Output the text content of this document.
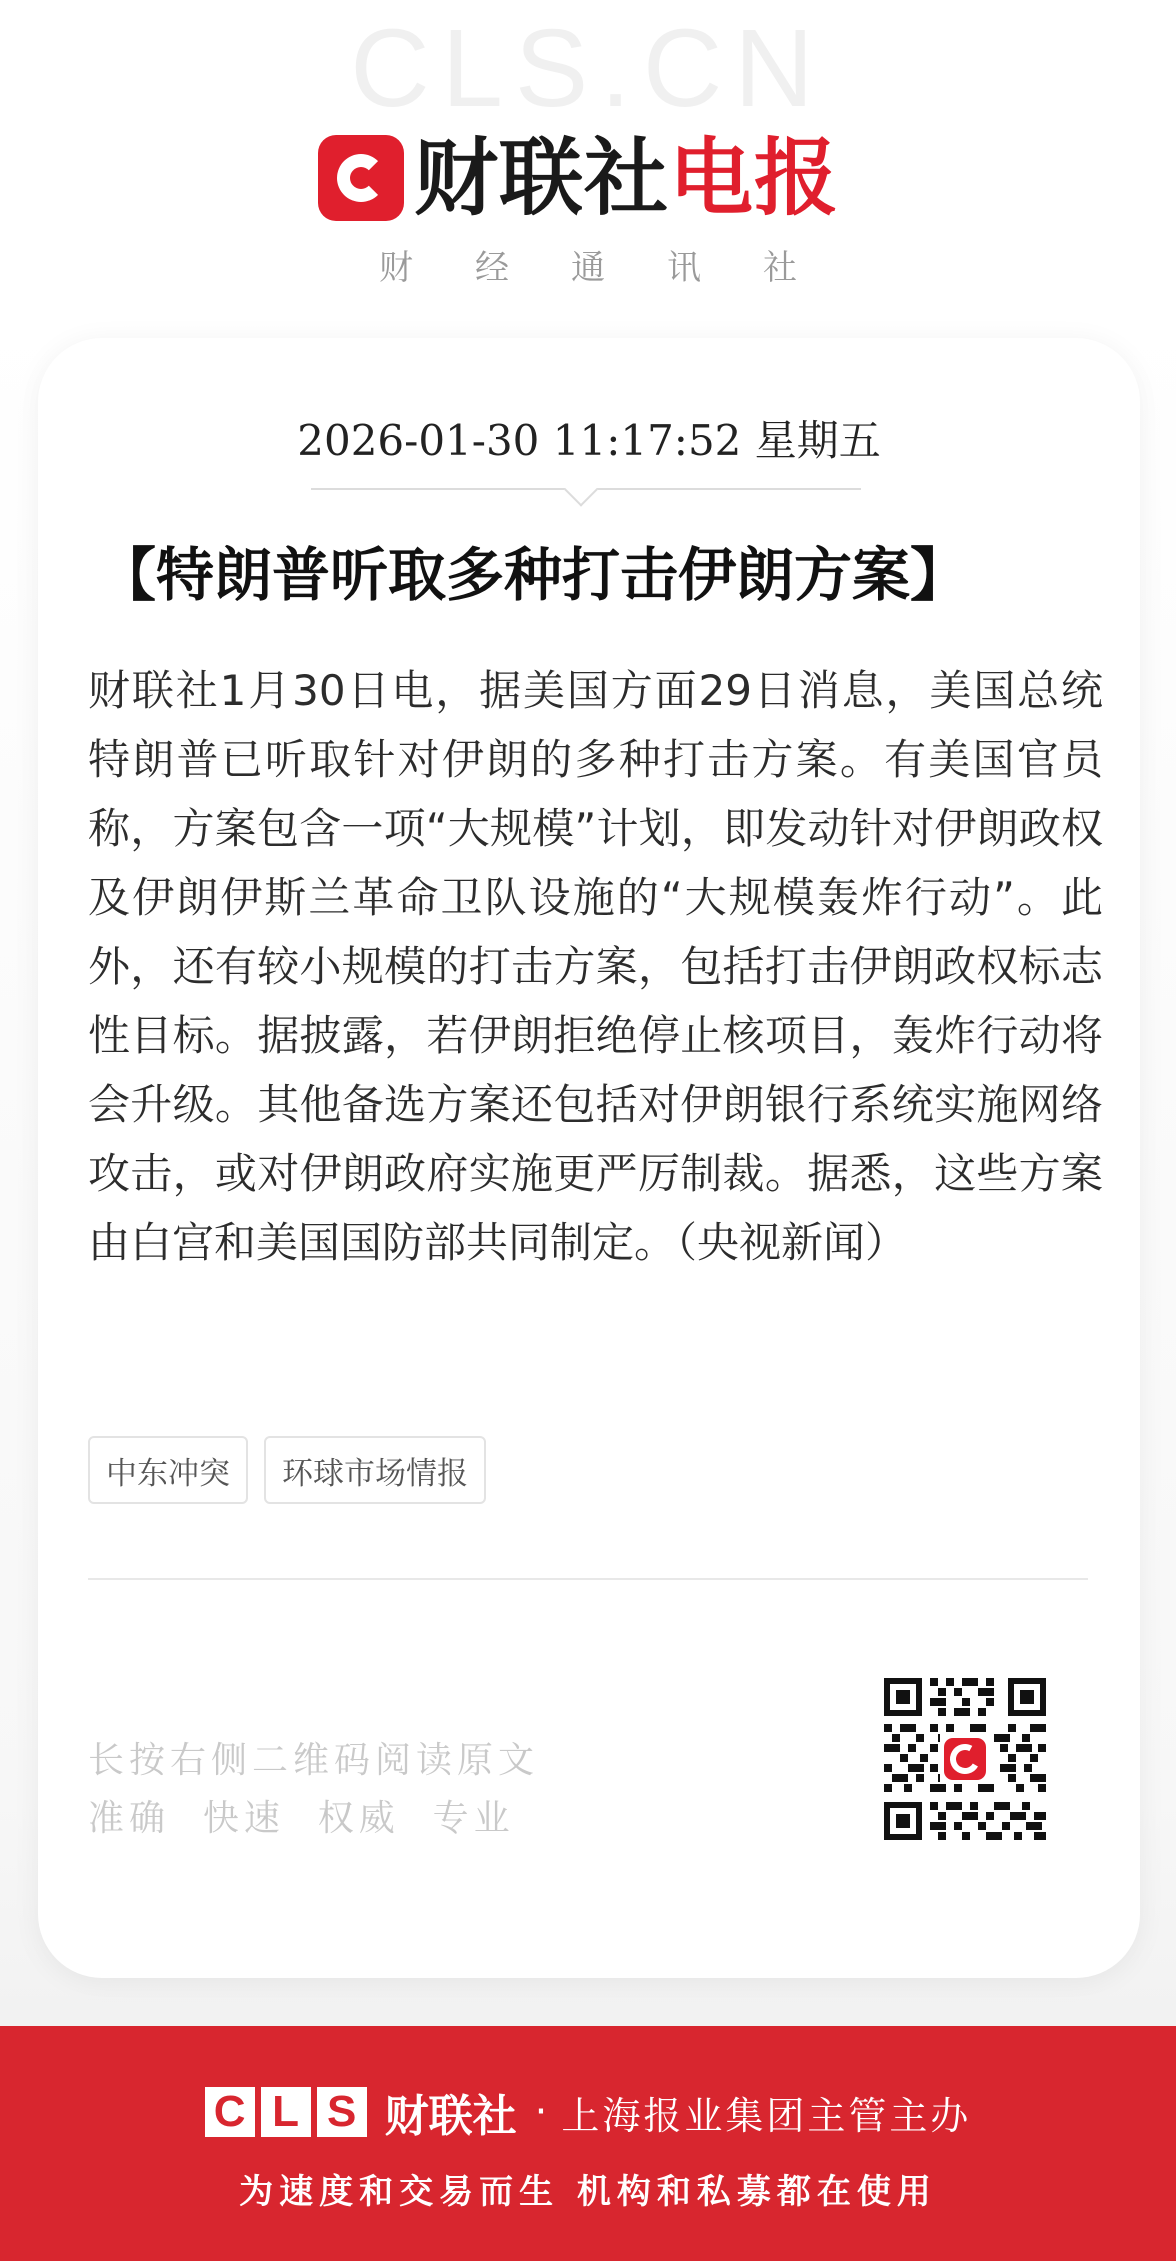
CLS.CN
财联社 电报
财经通讯社
2026-01-30 11:17:52 星期五
【特朗普听取多种打击伊朗方案】
财联社1月30日电，据美国方面29日消息，美国总统特朗普已听取针对伊朗的多种打击方案。有美国官员称，方案包含一项“大规模”计划，即发动针对伊朗政权及伊朗伊斯兰革命卫队设施的“大规模轰炸行动”。此外，还有较小规模的打击方案，包括打击伊朗政权标志性目标。据披露，若伊朗拒绝停止核项目，轰炸行动将会升级。其他备选方案还包括对伊朗银行系统实施网络攻击，或对伊朗政府实施更严厉制裁。据悉，这些方案由白宫和美国国防部共同制定。（央视新闻）
中东冲突	环球市场情报
长按右侧二维码阅读原文
准确  快速  权威  专业
C L S 财联社 · 上海报业集团主管主办
为速度和交易而生 机构和私募都在使用
